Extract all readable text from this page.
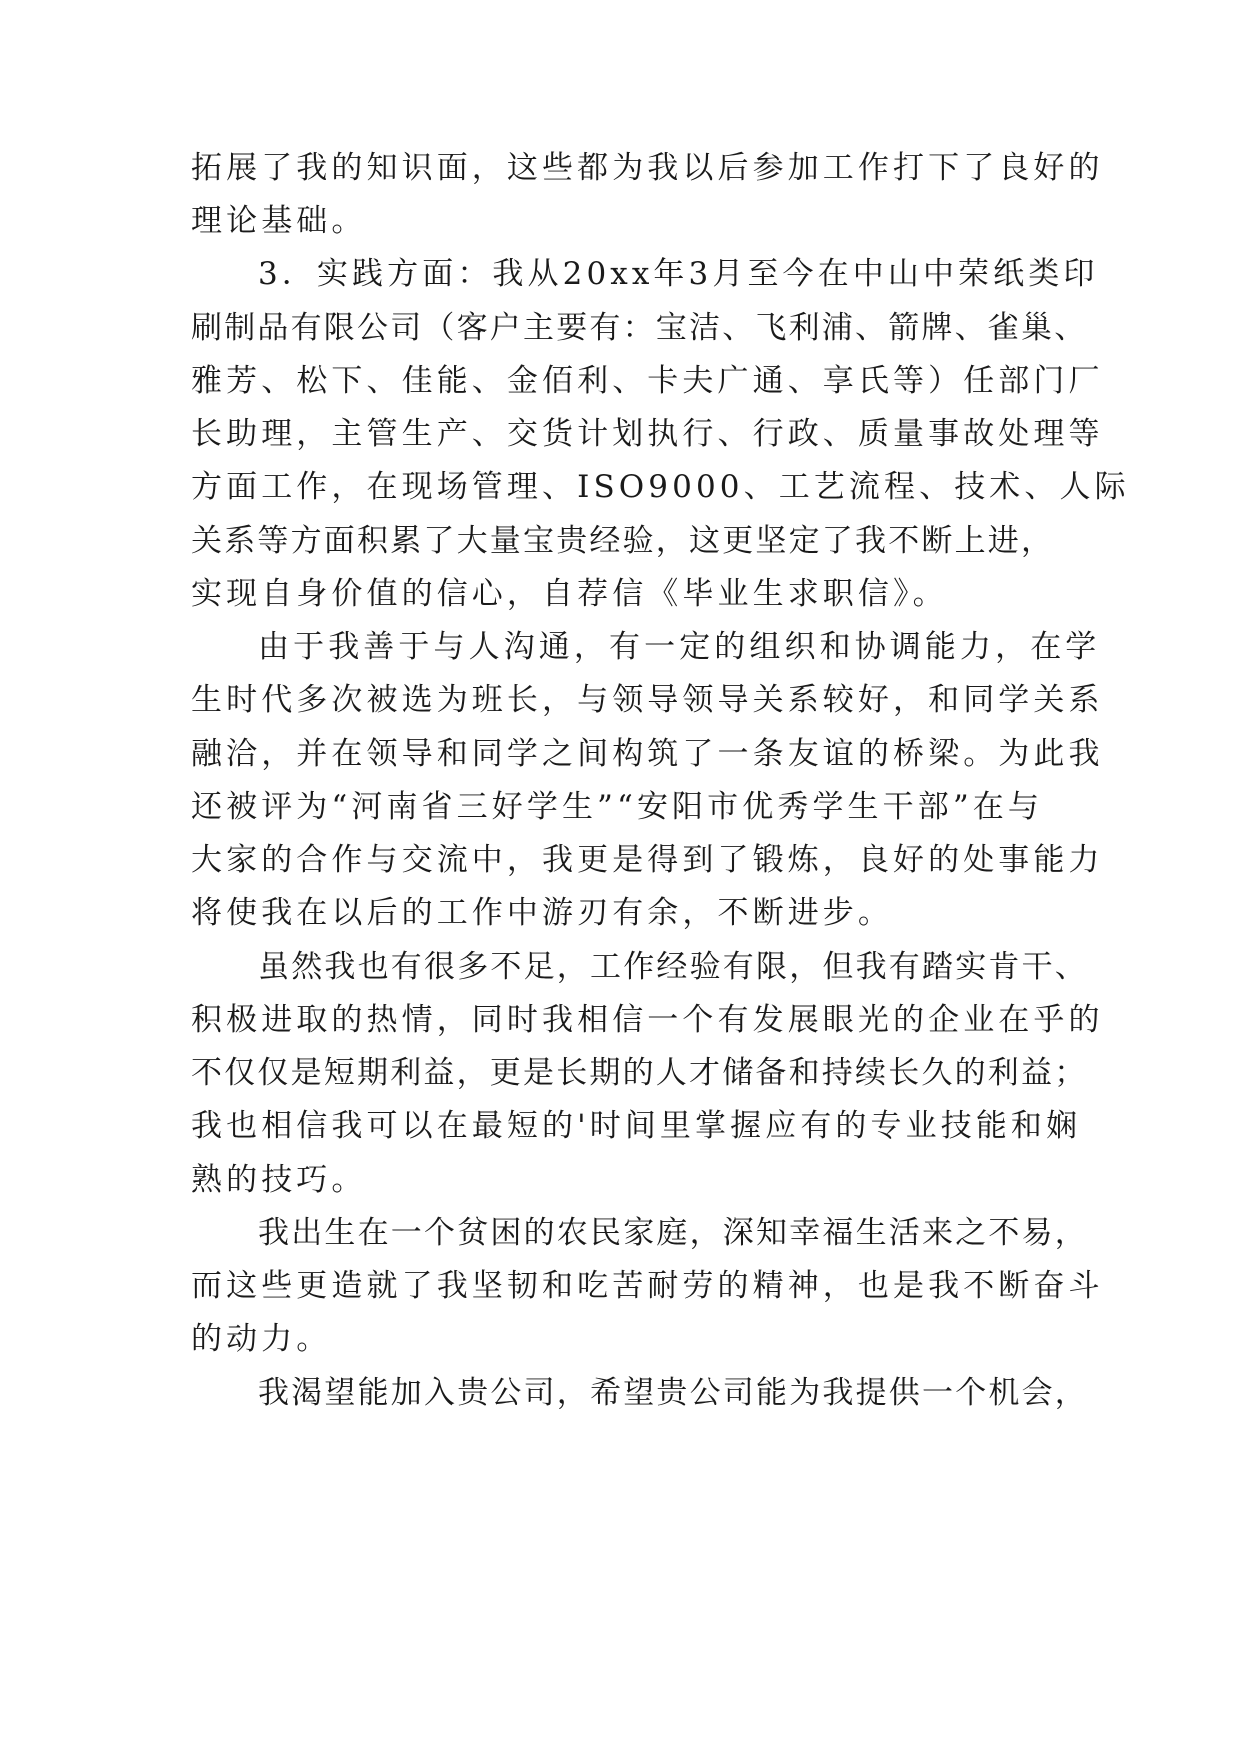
拓展了我的知识面，这些都为我以后参加工作打下了良好的
理论基础。
3．实践方面：我从20xx年3月至今在中山中荣纸类印
刷制品有限公司（客户主要有：宝洁、飞利浦、箭牌、雀巢、
雅芳、松下、佳能、金佰利、卡夫广通、享氏等）任部门厂
长助理，主管生产、交货计划执行、行政、质量事故处理等
方面工作，在现场管理、ISO9000、工艺流程、技术、人际
关系等方面积累了大量宝贵经验，这更坚定了我不断上进，
实现自身价值的信心，自荐信《毕业生求职信》。
由于我善于与人沟通，有一定的组织和协调能力，在学
生时代多次被选为班长，与领导领导关系较好，和同学关系
融洽，并在领导和同学之间构筑了一条友谊的桥梁。为此我
还被评为“河南省三好学生”“安阳市优秀学生干部”在与
大家的合作与交流中，我更是得到了锻炼，良好的处事能力
将使我在以后的工作中游刃有余，不断进步。
虽然我也有很多不足，工作经验有限，但我有踏实肯干、
积极进取的热情，同时我相信一个有发展眼光的企业在乎的
不仅仅是短期利益，更是长期的人才储备和持续长久的利益；
我也相信我可以在最短的'时间里掌握应有的专业技能和娴
熟的技巧。
我出生在一个贫困的农民家庭，深知幸福生活来之不易，
而这些更造就了我坚韧和吃苦耐劳的精神，也是我不断奋斗
的动力。
我渴望能加入贵公司，希望贵公司能为我提供一个机会，
